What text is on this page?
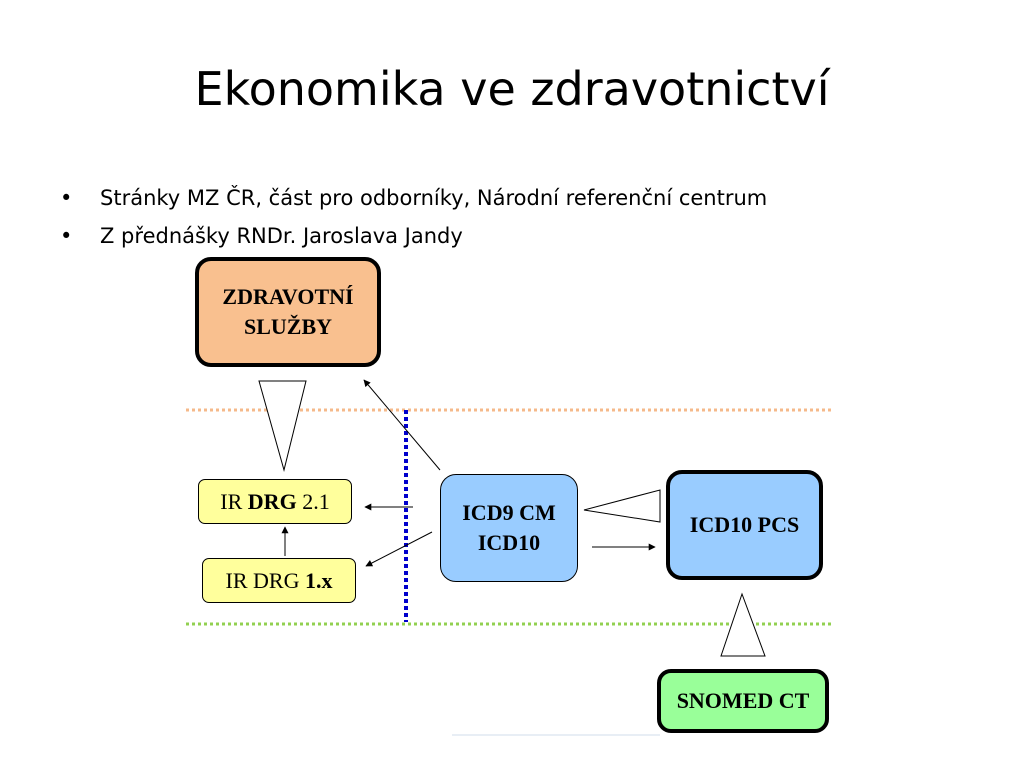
Ekonomika ve zdravotnictví
• Stránky MZ ČR, část pro odborníky, Národní referenční centrum
• Z přednášky RNDr. Jaroslava Jandy
ZDRAVOTNÍ
SLUŽBY
IR DRG 2.1
IR DRG 1.x
ICD9 CM
ICD10
ICD10 PCS
SNOMED CT
